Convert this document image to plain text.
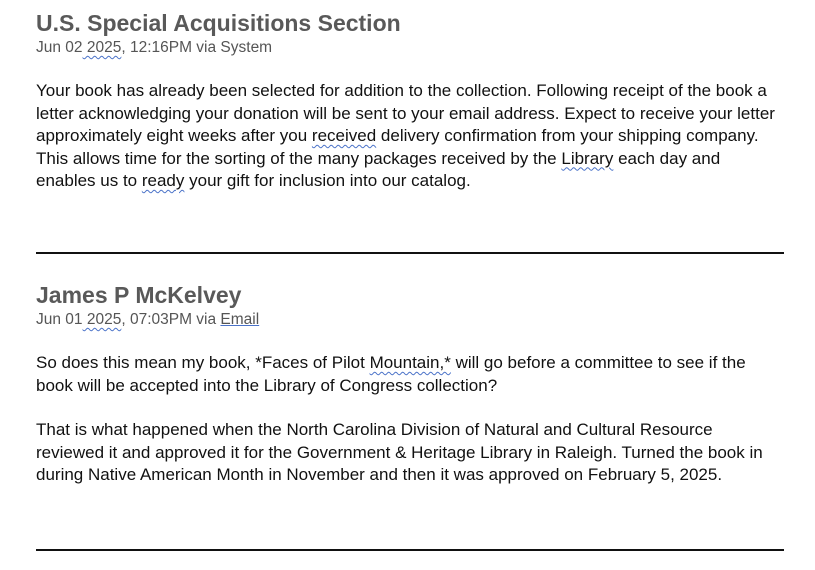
U.S. Special Acquisitions Section

Jun 02 2025, 12:16PM via System

Your book has already been selected for addition to the collection. Following receipt of the book a letter acknowledging your donation will be sent to your email address. Expect to receive your letter approximately eight weeks after you received delivery confirmation from your shipping company. This allows time for the sorting of the many packages received by the Library each day and enables us to ready your gift for inclusion into our catalog.

James P McKelvey

Jun 01 2025, 07:03PM via Email

So does this mean my book, *Faces of Pilot Mountain,* will go before a committee to see if the book will be accepted into the Library of Congress collection?

That is what happened when the North Carolina Division of Natural and Cultural Resource reviewed it and approved it for the Government & Heritage Library in Raleigh. Turned the book in during Native American Month in November and then it was approved on February 5, 2025.
